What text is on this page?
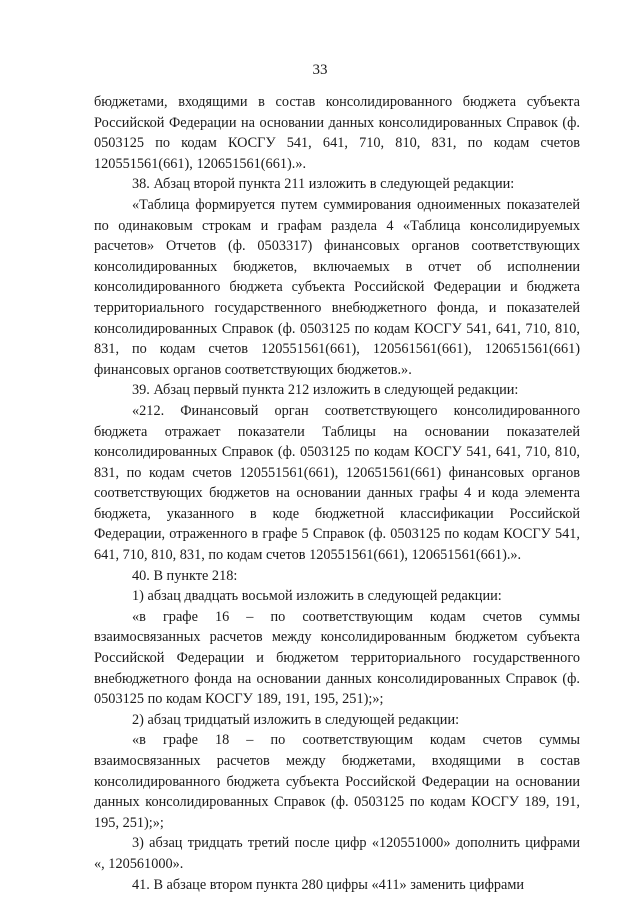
33

бюджетами, входящими в состав консолидированного бюджета субъекта Российской Федерации на основании данных консолидированных Справок (ф. 0503125 по кодам КОСГУ 541, 641, 710, 810, 831, по кодам счетов 120551561(661), 120651561(661).».

38. Абзац второй пункта 211 изложить в следующей редакции:

«Таблица формируется путем суммирования одноименных показателей по одинаковым строкам и графам раздела 4 «Таблица консолидируемых расчетов» Отчетов (ф. 0503317) финансовых органов соответствующих консолидированных бюджетов, включаемых в отчет об исполнении консолидированного бюджета субъекта Российской Федерации и бюджета территориального государственного внебюджетного фонда, и показателей консолидированных Справок (ф. 0503125 по кодам КОСГУ 541, 641, 710, 810, 831, по кодам счетов 120551561(661), 120561561(661), 120651561(661) финансовых органов соответствующих бюджетов.».

39. Абзац первый пункта 212 изложить в следующей редакции:

«212. Финансовый орган соответствующего консолидированного бюджета отражает показатели Таблицы на основании показателей консолидированных Справок (ф. 0503125 по кодам КОСГУ 541, 641, 710, 810, 831, по кодам счетов 120551561(661), 120651561(661) финансовых органов соответствующих бюджетов на основании данных графы 4 и кода элемента бюджета, указанного в коде бюджетной классификации Российской Федерации, отраженного в графе 5 Справок (ф. 0503125 по кодам КОСГУ 541, 641, 710, 810, 831, по кодам счетов 120551561(661), 120651561(661).».

40. В пункте 218:

1) абзац двадцать восьмой изложить в следующей редакции:

«в графе 16 – по соответствующим кодам счетов суммы взаимосвязанных расчетов между консолидированным бюджетом субъекта Российской Федерации и бюджетом территориального государственного внебюджетного фонда на основании данных консолидированных Справок (ф. 0503125 по кодам КОСГУ 189, 191, 195, 251);»;

2) абзац тридцатый изложить в следующей редакции:

«в графе 18 – по соответствующим кодам счетов суммы взаимосвязанных расчетов между бюджетами, входящими в состав консолидированного бюджета субъекта Российской Федерации на основании данных консолидированных Справок (ф. 0503125 по кодам КОСГУ 189, 191, 195, 251);»;

3) абзац тридцать третий после цифр «120551000» дополнить цифрами «, 120561000».

41. В абзаце втором пункта 280 цифры «411» заменить цифрами
